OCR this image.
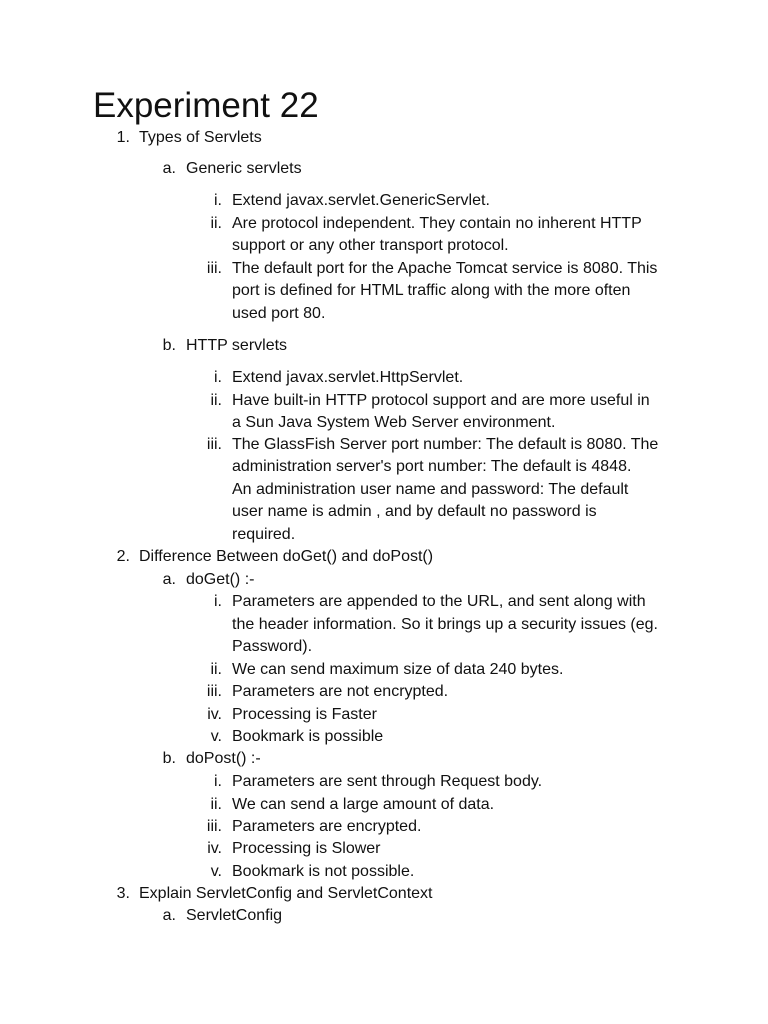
Experiment 22
1. Types of Servlets
a. Generic servlets
i. Extend javax.servlet.GenericServlet.
ii. Are protocol independent. They contain no inherent HTTP
support or any other transport protocol.
iii. The default port for the Apache Tomcat service is 8080. This
port is defined for HTML traffic along with the more often
used port 80.
b. HTTP servlets
i. Extend javax.servlet.HttpServlet.
ii. Have built-in HTTP protocol support and are more useful in
a Sun Java System Web Server environment.
iii. The GlassFish Server port number: The default is 8080. The
administration server's port number: The default is 4848.
An administration user name and password: The default
user name is admin , and by default no password is
required.
2. Difference Between doGet() and doPost()
a. doGet() :-
i. Parameters are appended to the URL, and sent along with
the header information. So it brings up a security issues (eg.
Password).
ii. We can send maximum size of data 240 bytes.
iii. Parameters are not encrypted.
iv. Processing is Faster
v. Bookmark is possible
b. doPost() :-
i. Parameters are sent through Request body.
ii. We can send a large amount of data.
iii. Parameters are encrypted.
iv. Processing is Slower
v. Bookmark is not possible.
3. Explain ServletConfig and ServletContext
a. ServletConfig
